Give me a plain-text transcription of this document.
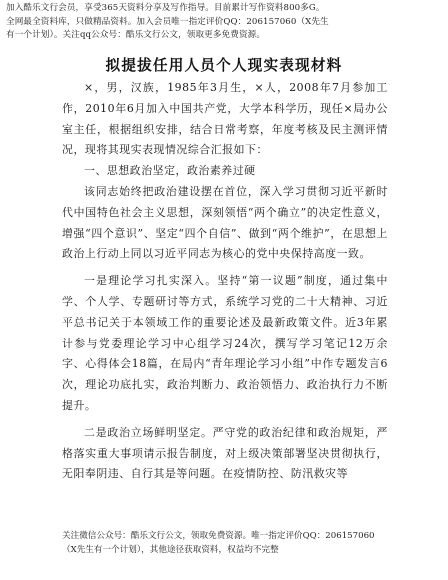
加入酷乐文行会员，享受365天资料分享及写作指导。目前累计写作资料800多G。
全网最全资料库，只做精品资料。加入会员唯一指定评价QQ：206157060（X先生
有一个计划）。关注qq公众号：酷乐文行公文，领取更多免费资源。
拟提拔任用人员个人现实表现材料

×，男，汉族，1985年3月生，×人，2008年7月参加工作，2010年6月加入中国共产党，大学本科学历，现任×局办公室主任，根据组织安排，结合日常考察，年度考核及民主测评情况，现将其现实表现情况综合汇报如下：

一、思想政治坚定，政治素养过硬

该同志始终把政治建设摆在首位，深入学习贯彻习近平新时代中国特色社会主义思想，深刻领悟“两个确立”的决定性意义，增强“四个意识”、坚定“四个自信”、做到“两个维护”，在思想上政治上行动上同以习近平同志为核心的党中央保持高度一致。

一是理论学习扎实深入。坚持“第一议题”制度，通过集中学、个人学、专题研讨等方式，系统学习党的二十大精神、习近平总书记关于本领域工作的重要论述及最新政策文件。近3年累计参与党委理论学习中心组学习24次，撰写学习笔记12万余字、心得体会18篇，在局内“青年理论学习小组”中作专题发言6次，理论功底扎实，政治判断力、政治领悟力、政治执行力不断提升。

二是政治立场鲜明坚定。严守党的政治纪律和政治规矩，严格落实重大事项请示报告制度，对上级决策部署坚决贯彻执行，无阳奉阴违、自行其是等问题。在疫情防控、防汛救灾等

关注微信公众号：酷乐文行公文，领取免费资源。唯一指定评价QQ：206157060
（X先生有一个计划），其他途径获取资料，权益均不完整
